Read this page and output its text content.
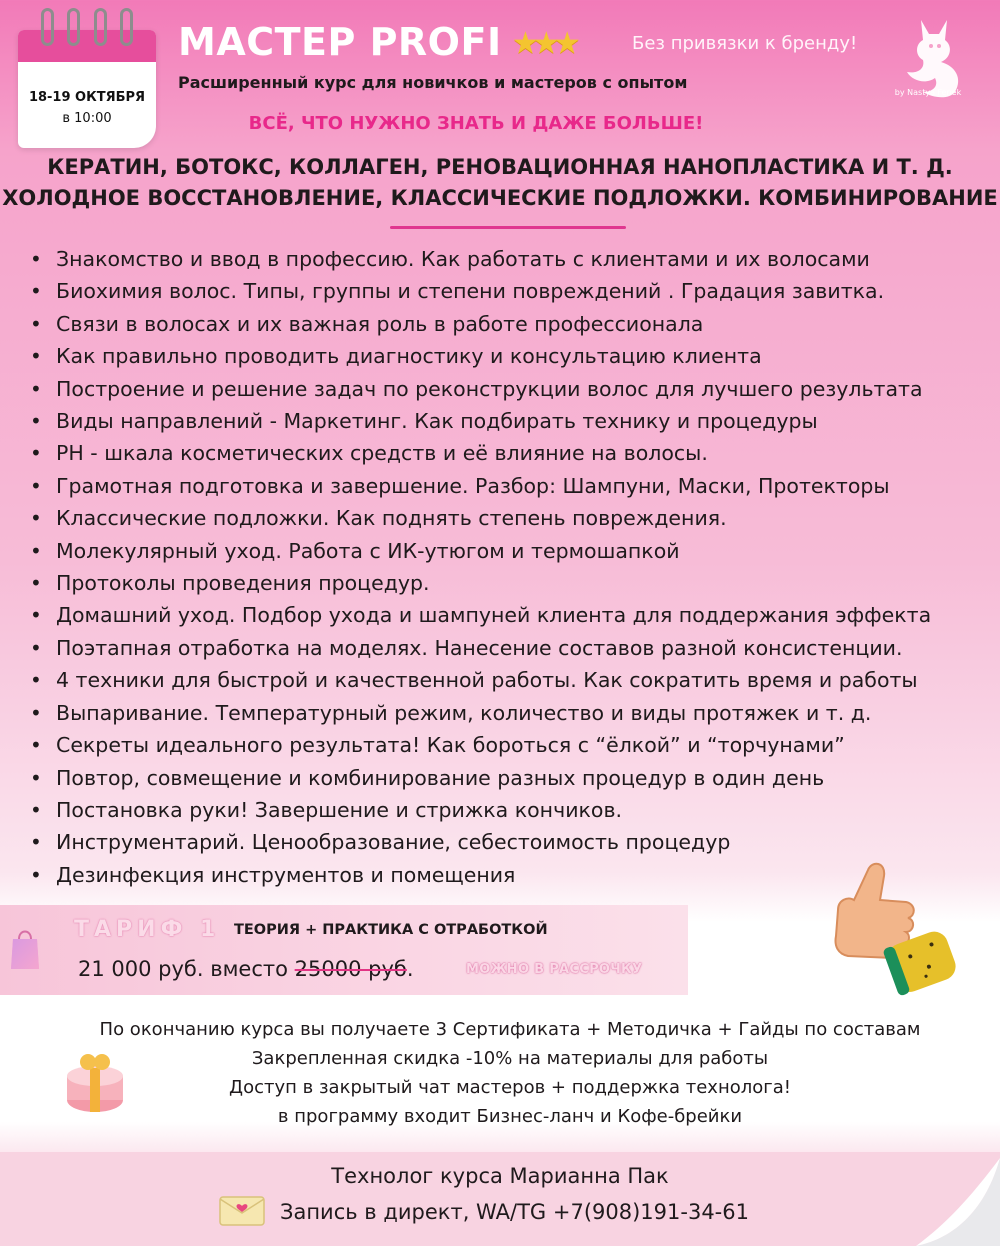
18-19 ОКТЯБРЯ
в 10:00
МАСТЕР PROFI ★★★	Без привязки к бренду!
Расширенный курс для новичков и мастеров с опытом
ВСЁ, ЧТО НУЖНО ЗНАТЬ И ДАЖЕ БОЛЬШЕ!
by Nastya Fenek
КЕРАТИН, БОТОКС, КОЛЛАГЕН, РЕНОВАЦИОННАЯ НАНОПЛАСТИКА И Т. Д.
ХОЛОДНОЕ ВОССТАНОВЛЕНИЕ, КЛАССИЧЕСКИЕ ПОДЛОЖКИ. КОМБИНИРОВАНИЕ
• Знакомство и ввод в профессию. Как работать с клиентами и их волосами
• Биохимия волос. Типы, группы и степени повреждений . Градация завитка.
• Связи в волосах и их важная роль в работе профессионала
• Как правильно проводить диагностику и консультацию клиента
• Построение и решение задач по реконструкции волос для лучшего результата
• Виды направлений - Маркетинг. Как подбирать технику и процедуры
• PH - шкала косметических средств и её влияние на волосы.
• Грамотная подготовка и завершение. Разбор: Шампуни, Маски, Протекторы
• Классические подложки. Как поднять степень повреждения.
• Молекулярный уход. Работа с ИК-утюгом и термошапкой
• Протоколы проведения процедур.
• Домашний уход. Подбор ухода и шампуней клиента для поддержания эффекта
• Поэтапная отработка на моделях. Нанесение составов разной консистенции.
• 4 техники для быстрой и качественной работы. Как сократить время и работы
• Выпаривание. Температурный режим, количество и виды протяжек и т. д.
• Секреты идеального результата! Как бороться с “ёлкой” и “торчунами”
• Повтор, совмещение и комбинирование разных процедур в один день
• Постановка руки! Завершение и стрижка кончиков.
• Инструментарий. Ценообразование, себестоимость процедур
• Дезинфекция инструментов и помещения
ТАРИФ 1 ТЕОРИЯ + ПРАКТИКА С ОТРАБОТКОЙ
21 000 руб. вместо 25000 руб.	МОЖНО В РАССРОЧКУ
По окончанию курса вы получаете 3 Сертификата + Методичка + Гайды по составам
Закрепленная скидка -10% на материалы для работы
Доступ в закрытый чат мастеров + поддержка технолога!
в программу входит Бизнес-ланч и Кофе-брейки
Технолог курса Марианна Пак
Запись в директ, WA/TG +7(908)191-34-61
